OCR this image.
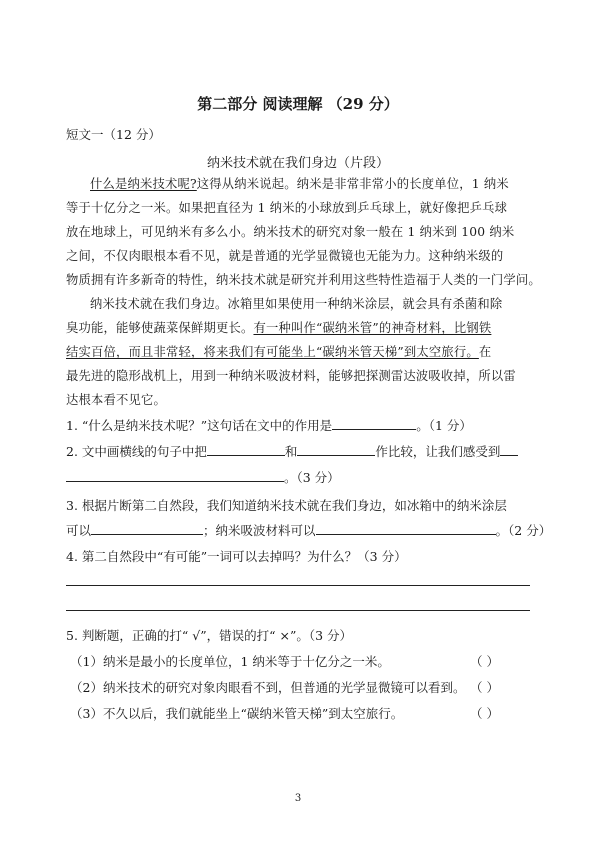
第二部分 阅读理解 （29 分）
短文一（12 分）
纳米技术就在我们身边（片段）
什么是纳米技术呢?这得从纳米说起。纳米是非常非常小的长度单位，1 纳米
等于十亿分之一米。如果把直径为 1 纳米的小球放到乒乓球上，就好像把乒乓球
放在地球上，可见纳米有多么小。纳米技术的研究对象一般在 1 纳米到 100 纳米
之间，不仅肉眼根本看不见，就是普通的光学显微镜也无能为力。这种纳米级的
物质拥有许多新奇的特性，纳米技术就是研究并利用这些特性造福于人类的一门学问。
纳米技术就在我们身边。冰箱里如果使用一种纳米涂层，就会具有杀菌和除
臭功能，能够使蔬菜保鲜期更长。有一种叫作“碳纳米管”的神奇材料，比钢铁
结实百倍，而且非常轻，将来我们有可能坐上“碳纳米管天梯”到太空旅行。在
最先进的隐形战机上，用到一种纳米吸波材料，能够把探测雷达波吸收掉，所以雷
达根本看不见它。
1. “什么是纳米技术呢？”这句话在文中的作用是	。（1 分）
2. 文中画横线的句子中把	和	作比较，让我们感受到
。（3 分）
3. 根据片断第二自然段，我们知道纳米技术就在我们身边，如冰箱中的纳米涂层
可以	；纳米吸波材料可以	。（2 分）
4. 第二自然段中“有可能”一词可以去掉吗？为什么？（3 分）
5. 判断题，正确的打“ √”，错误的打“ ×”。（3 分）
（1）纳米是最小的长度单位，1 纳米等于十亿分之一米。	（ ）
（2）纳米技术的研究对象肉眼看不到，但普通的光学显微镜可以看到。 （ ）
（3）不久以后，我们就能坐上“碳纳米管天梯”到太空旅行。	（ ）
3
